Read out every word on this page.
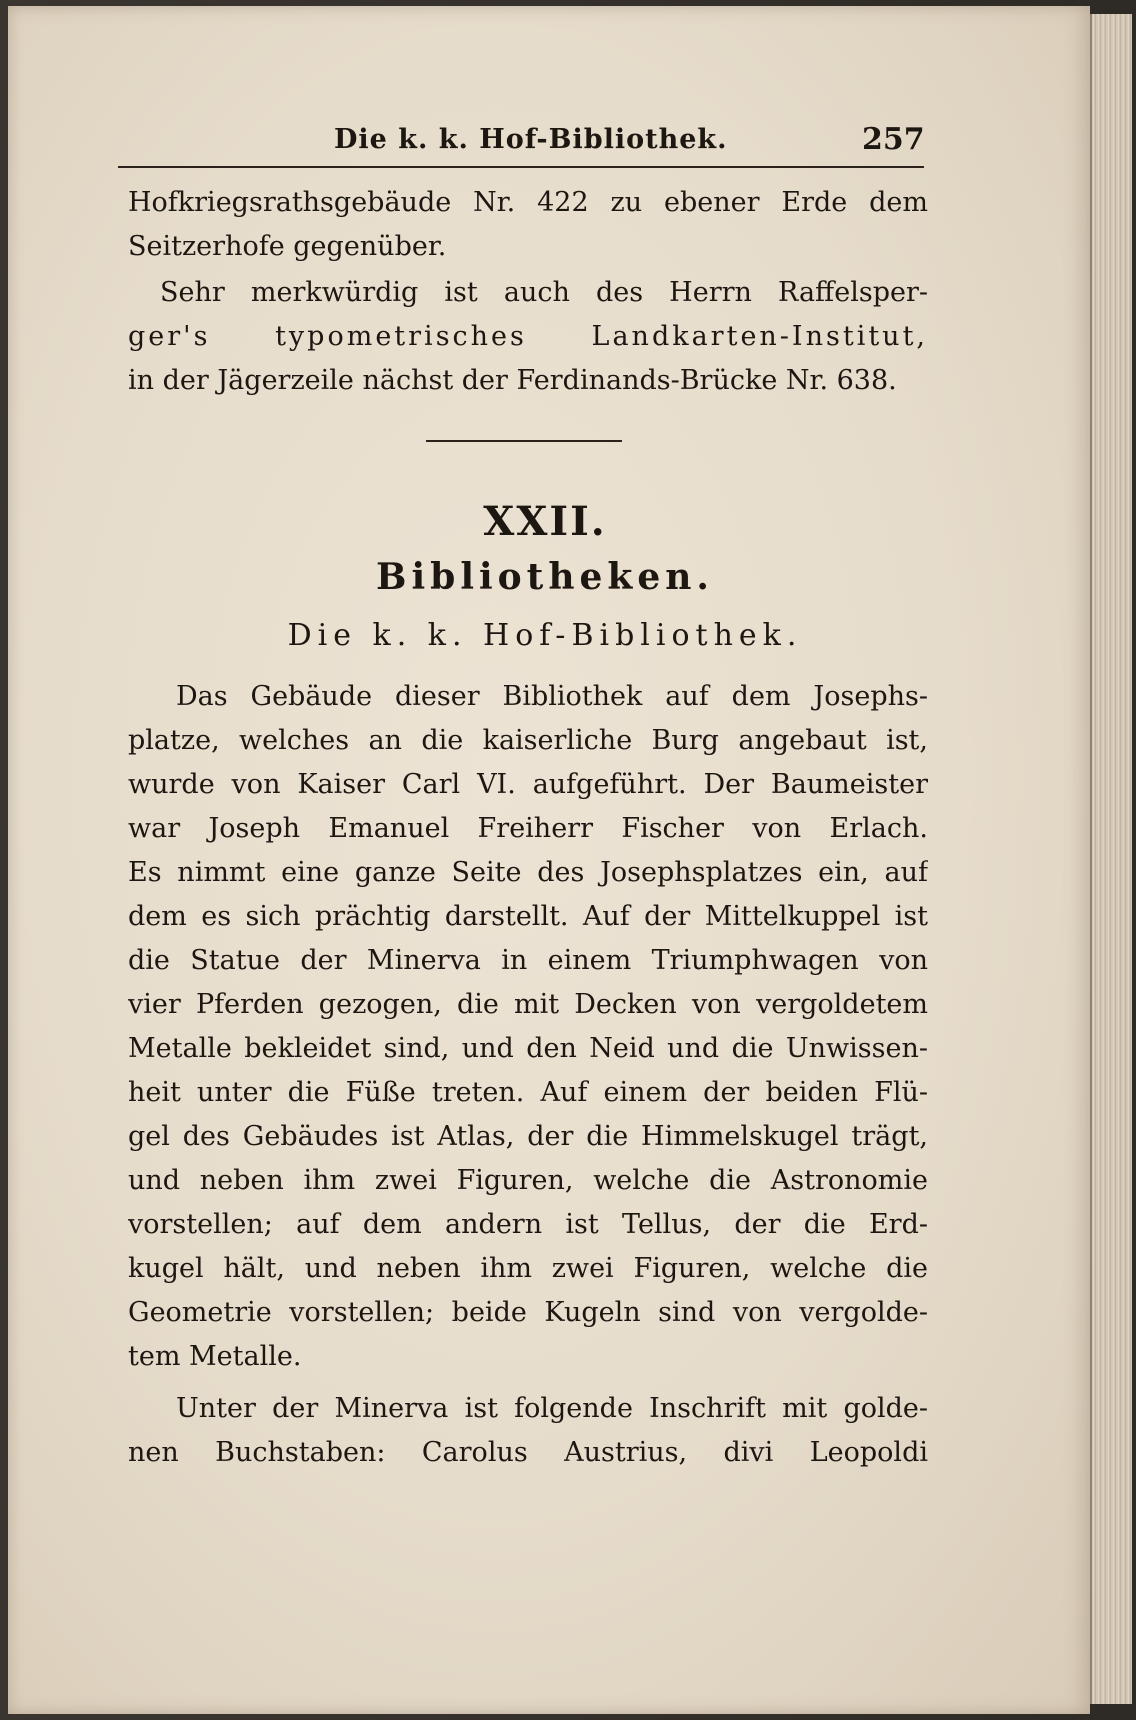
Die k. k. Hof-Bibliothek.	257
Hofkriegsrathsgebäude Nr. 422 zu ebener Erde dem
Seitzerhofe gegenüber.
Sehr merkwürdig ist auch des Herrn Raffelsper-
ger's typometrisches Landkarten-Institut,
in der Jägerzeile nächst der Ferdinands-Brücke Nr. 638.
XXII.
Bibliotheken.
Die k. k. Hof-Bibliothek.
Das Gebäude dieser Bibliothek auf dem Josephs-
platze, welches an die kaiserliche Burg angebaut ist,
wurde von Kaiser Carl VI. aufgeführt. Der Baumeister
war Joseph Emanuel Freiherr Fischer von Erlach.
Es nimmt eine ganze Seite des Josephsplatzes ein, auf
dem es sich prächtig darstellt. Auf der Mittelkuppel ist
die Statue der Minerva in einem Triumphwagen von
vier Pferden gezogen, die mit Decken von vergoldetem
Metalle bekleidet sind, und den Neid und die Unwissen-
heit unter die Füße treten. Auf einem der beiden Flü-
gel des Gebäudes ist Atlas, der die Himmelskugel trägt,
und neben ihm zwei Figuren, welche die Astronomie
vorstellen; auf dem andern ist Tellus, der die Erd-
kugel hält, und neben ihm zwei Figuren, welche die
Geometrie vorstellen; beide Kugeln sind von vergolde-
tem Metalle.
Unter der Minerva ist folgende Inschrift mit golde-
nen Buchstaben: Carolus Austrius, divi Leopoldi
